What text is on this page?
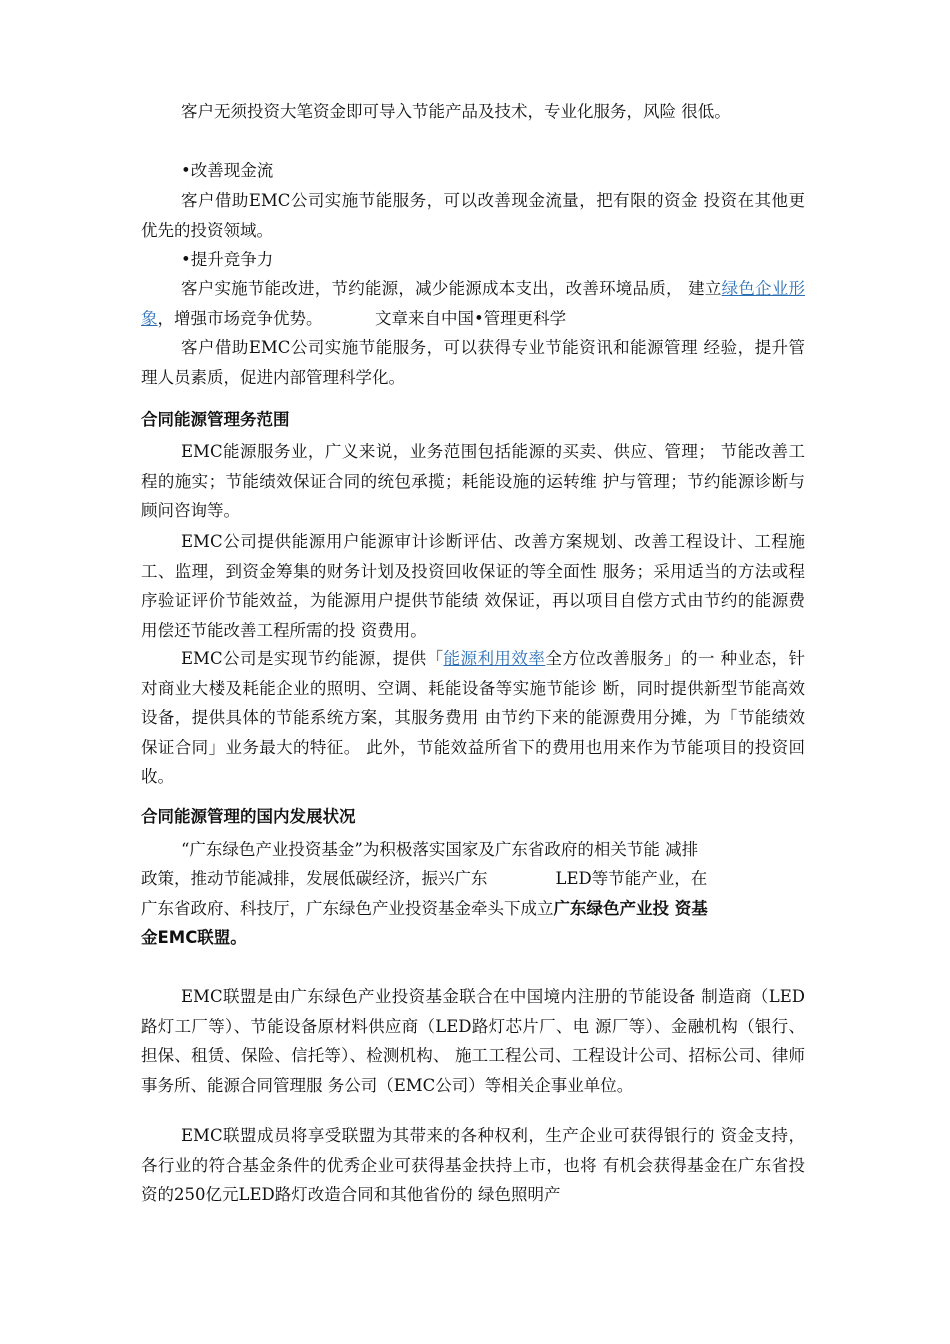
客户无须投资大笔资金即可导入节能产品及技术，专业化服务，风险 很低。

•改善现金流

客户借助EMC公司实施节能服务，可以改善现金流量，把有限的资金 投资在其他更优先的投资领域。

•提升竞争力

客户实施节能改进，节约能源，减少能源成本支出，改善环境品质， 建立绿色企业形象，增强市场竞争优势。          文章来自中国•管理更科学

客户借助EMC公司实施节能服务，可以获得专业节能资讯和能源管理 经验，提升管理人员素质，促进内部管理科学化。

合同能源管理务范围

EMC能源服务业，广义来说，业务范围包括能源的买卖、供应、管理； 节能改善工程的施实；节能绩效保证合同的统包承揽；耗能设施的运转维 护与管理；节约能源诊断与顾问咨询等。

EMC公司提供能源用户能源审计诊断评估、改善方案规划、改善工程设计、工程施工、监理，到资金筹集的财务计划及投资回收保证的等全面性 服务；采用适当的方法或程序验证评价节能效益，为能源用户提供节能绩 效保证，再以项目自偿方式由节约的能源费用偿还节能改善工程所需的投 资费用。

EMC公司是实现节约能源，提供「能源利用效率全方位改善服务」的一 种业态，针对商业大楼及耗能企业的照明、空调、耗能设备等实施节能诊 断，同时提供新型节能高效设备，提供具体的节能系统方案，其服务费用 由节约下来的能源费用分摊，为「节能绩效保证合同」业务最大的特征。 此外，节能效益所省下的费用也用来作为节能项目的投资回收。

合同能源管理的国内发展状况

“广东绿色产业投资基金”为积极落实国家及广东省政府的相关节能 减排

政策，推动节能减排，发展低碳经济，振兴广东	LED等节能产业，在

广东省政府、科技厅，广东绿色产业投资基金牵头下成立广东绿色产业投 资基

金EMC联盟。

EMC联盟是由广东绿色产业投资基金联合在中国境内注册的节能设备 制造商（LED路灯工厂等）、节能设备原材料供应商（LED路灯芯片厂、电 源厂等）、金融机构（银行、担保、租赁、保险、信托等）、检测机构、 施工工程公司、工程设计公司、招标公司、律师事务所、能源合同管理服 务公司（EMC公司）等相关企事业单位。

EMC联盟成员将享受联盟为其带来的各种权利，生产企业可获得银行的 资金支持，各行业的符合基金条件的优秀企业可获得基金扶持上市，也将 有机会获得基金在广东省投资的250亿元LED路灯改造合同和其他省份的 绿色照明产
